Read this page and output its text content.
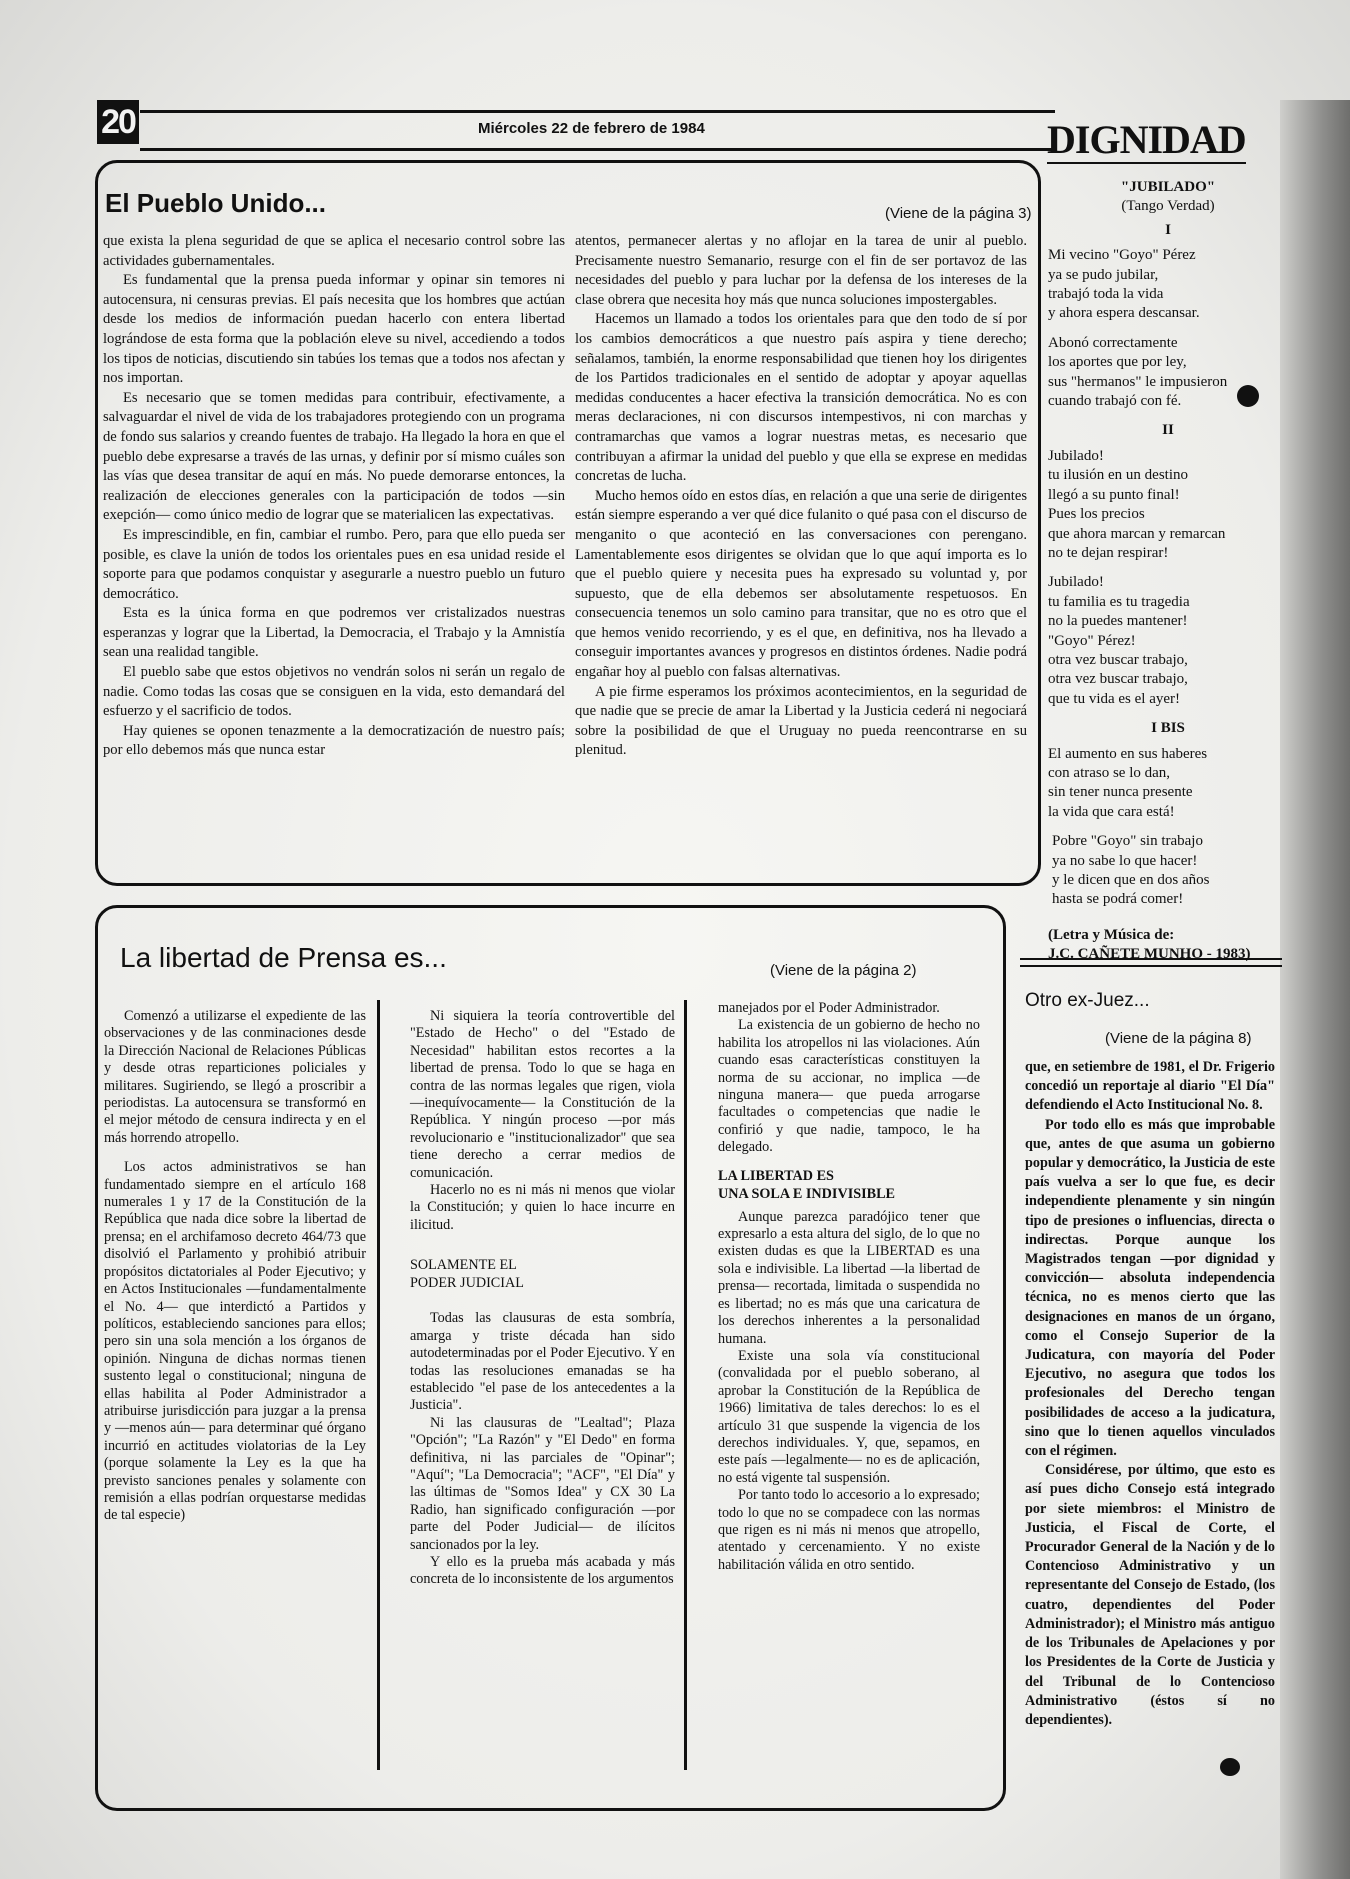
20	Miércoles 22 de febrero de 1984	DIGNIDAD
El Pueblo Unido...	(Viene de la página 3)

que exista la plena seguridad de que se aplica el necesario control sobre las actividades gubernamentales.

Es fundamental que la prensa pueda informar y opinar sin temores ni autocensura, ni censuras previas. El país necesita que los hombres que actúan desde los medios de información puedan hacerlo con entera libertad lográndose de esta forma que la población eleve su nivel, accediendo a todos los tipos de noticias, discutiendo sin tabúes los temas que a todos nos afectan y nos importan.

Es necesario que se tomen medidas para contribuir, efectivamente, a salvaguardar el nivel de vida de los trabajadores protegiendo con un programa de fondo sus salarios y creando fuentes de trabajo. Ha llegado la hora en que el pueblo debe expresarse a través de las urnas, y definir por sí mismo cuáles son las vías que desea transitar de aquí en más. No puede demorarse entonces, la realización de elecciones generales con la participación de todos —sin exepción— como único medio de lograr que se materialicen las expectativas.

Es imprescindible, en fin, cambiar el rumbo. Pero, para que ello pueda ser posible, es clave la unión de todos los orientales pues en esa unidad reside el soporte para que podamos conquistar y asegurarle a nuestro pueblo un futuro democrático.

Esta es la única forma en que podremos ver cristalizados nuestras esperanzas y lograr que la Libertad, la Democracia, el Trabajo y la Amnistía sean una realidad tangible.

El pueblo sabe que estos objetivos no vendrán solos ni serán un regalo de nadie. Como todas las cosas que se consiguen en la vida, esto demandará del esfuerzo y el sacrificio de todos.

Hay quienes se oponen tenazmente a la democratización de nuestro país; por ello debemos más que nunca estar

atentos, permanecer alertas y no aflojar en la tarea de unir al pueblo. Precisamente nuestro Semanario, resurge con el fin de ser portavoz de las necesidades del pueblo y para luchar por la defensa de los intereses de la clase obrera que necesita hoy más que nunca soluciones impostergables.

Hacemos un llamado a todos los orientales para que den todo de sí por los cambios democráticos a que nuestro país aspira y tiene derecho; señalamos, también, la enorme responsabilidad que tienen hoy los dirigentes de los Partidos tradicionales en el sentido de adoptar y apoyar aquellas medidas conducentes a hacer efectiva la transición democrática. No es con meras declaraciones, ni con discursos intempestivos, ni con marchas y contramarchas que vamos a lograr nuestras metas, es necesario que contribuyan a afirmar la unidad del pueblo y que ella se exprese en medidas concretas de lucha.

Mucho hemos oído en estos días, en relación a que una serie de dirigentes están siempre esperando a ver qué dice fulanito o qué pasa con el discurso de menganito o que aconteció en las conversaciones con perengano. Lamentablemente esos dirigentes se olvidan que lo que aquí importa es lo que el pueblo quiere y necesita pues ha expresado su voluntad y, por supuesto, que de ella debemos ser absolutamente respetuosos. En consecuencia tenemos un solo camino para transitar, que no es otro que el que hemos venido recorriendo, y es el que, en definitiva, nos ha llevado a conseguir importantes avances y progresos en distintos órdenes. Nadie podrá engañar hoy al pueblo con falsas alternativas.

A pie firme esperamos los próximos acontecimientos, en la seguridad de que nadie que se precie de amar la Libertad y la Justicia cederá ni negociará sobre la posibilidad de que el Uruguay no pueda reencontrarse en su plenitud.

"JUBILADO"
(Tango Verdad)
I
Mi vecino "Goyo" Pérez
ya se pudo jubilar,
trabajó toda la vida
y ahora espera descansar.
Abonó correctamente
los aportes que por ley,
sus "hermanos" le impusieron
cuando trabajó con fé.
II
Jubilado!
tu ilusión en un destino
llegó a su punto final!
Pues los precios
que ahora marcan y remarcan
no te dejan respirar!
Jubilado!
tu familia es tu tragedia
no la puedes mantener!
"Goyo" Pérez!
otra vez buscar trabajo,
otra vez buscar trabajo,
que tu vida es el ayer!
I BIS
El aumento en sus haberes
con atraso se lo dan,
sin tener nunca presente
la vida que cara está!
Pobre "Goyo" sin trabajo
ya no sabe lo que hacer!
y le dicen que en dos años
hasta se podrá comer!
(Letra y Música de:
J.C. CAÑETE MUNHO - 1983)
Otro ex-Juez...
(Viene de la página 8)

que, en setiembre de 1981, el Dr. Frigerio concedió un reportaje al diario "El Día" defendiendo el Acto Institucional No. 8.

Por todo ello es más que improbable que, antes de que asuma un gobierno popular y democrático, la Justicia de este país vuelva a ser lo que fue, es decir independiente plenamente y sin ningún tipo de presiones o influencias, directa o indirectas. Porque aunque los Magistrados tengan —por dignidad y convicción— absoluta independencia técnica, no es menos cierto que las designaciones en manos de un órgano, como el Consejo Superior de la Judicatura, con mayoría del Poder Ejecutivo, no asegura que todos los profesionales del Derecho tengan posibilidades de acceso a la judicatura, sino que lo tienen aquellos vinculados con el régimen.

Considérese, por último, que esto es así pues dicho Consejo está integrado por siete miembros: el Ministro de Justicia, el Fiscal de Corte, el Procurador General de la Nación y de lo Contencioso Administrativo y un representante del Consejo de Estado, (los cuatro, dependientes del Poder Administrador); el Ministro más antiguo de los Tribunales de Apelaciones y por los Presidentes de la Corte de Justicia y del Tribunal de lo Contencioso Administrativo (éstos sí no dependientes).

La libertad de Prensa es...	(Viene de la página 2)

Comenzó a utilizarse el expediente de las observaciones y de las conminaciones desde la Dirección Nacional de Relaciones Públicas y desde otras reparticiones policiales y militares. Sugiriendo, se llegó a proscribir a periodistas. La autocensura se transformó en el mejor método de censura indirecta y en el más horrendo atropello.

Los actos administrativos se han fundamentado siempre en el artículo 168 numerales 1 y 17 de la Constitución de la República que nada dice sobre la libertad de prensa; en el archifamoso decreto 464/73 que disolvió el Parlamento y prohibió atribuir propósitos dictatoriales al Poder Ejecutivo; y en Actos Institucionales —fundamentalmente el No. 4— que interdictó a Partidos y políticos, estableciendo sanciones para ellos; pero sin una sola mención a los órganos de opinión. Ninguna de dichas normas tienen sustento legal o constitucional; ninguna de ellas habilita al Poder Administrador a atribuirse jurisdicción para juzgar a la prensa y —menos aún— para determinar qué órgano incurrió en actitudes violatorias de la Ley (porque solamente la Ley es la que ha previsto sanciones penales y solamente con remisión a ellas podrían orquestarse medidas de tal especie)

Ni siquiera la teoría controvertible del "Estado de Hecho" o del "Estado de Necesidad" habilitan estos recortes a la libertad de prensa. Todo lo que se haga en contra de las normas legales que rigen, viola —inequívocamente— la Constitución de la República. Y ningún proceso —por más revolucionario e "institucionalizador" que sea tiene derecho a cerrar medios de comunicación.

Hacerlo no es ni más ni menos que violar la Constitución; y quien lo hace incurre en ilicitud.

SOLAMENTE EL
PODER JUDICIAL

Todas las clausuras de esta sombría, amarga y triste década han sido autodeterminadas por el Poder Ejecutivo. Y en todas las resoluciones emanadas se ha establecido "el pase de los antecedentes a la Justicia".

Ni las clausuras de "Lealtad"; Plaza "Opción"; "La Razón" y "El Dedo" en forma definitiva, ni las parciales de "Opinar"; "Aquí"; "La Democracia"; "ACF", "El Día" y las últimas de "Somos Idea" y CX 30 La Radio, han significado configuración —por parte del Poder Judicial— de ilícitos sancionados por la ley.

Y ello es la prueba más acabada y más concreta de lo inconsistente de los argumentos

manejados por el Poder Administrador.

La existencia de un gobierno de hecho no habilita los atropellos ni las violaciones. Aún cuando esas características constituyen la norma de su accionar, no implica —de ninguna manera— que pueda arrogarse facultades o competencias que nadie le confirió y que nadie, tampoco, le ha delegado.

LA LIBERTAD ES
UNA SOLA E INDIVISIBLE

Aunque parezca paradójico tener que expresarlo a esta altura del siglo, de lo que no existen dudas es que la LIBERTAD es una sola e indivisible. La libertad —la libertad de prensa— recortada, limitada o suspendida no es libertad; no es más que una caricatura de los derechos inherentes a la personalidad humana.

Existe una sola vía constitucional (convalidada por el pueblo soberano, al aprobar la Constitución de la República de 1966) limitativa de tales derechos: lo es el artículo 31 que suspende la vigencia de los derechos individuales. Y, que, sepamos, en este país —legalmente— no es de aplicación, no está vigente tal suspensión.

Por tanto todo lo accesorio a lo expresado; todo lo que no se compadece con las normas que rigen es ni más ni menos que atropello, atentado y cercenamiento. Y no existe habilitación válida en otro sentido.
